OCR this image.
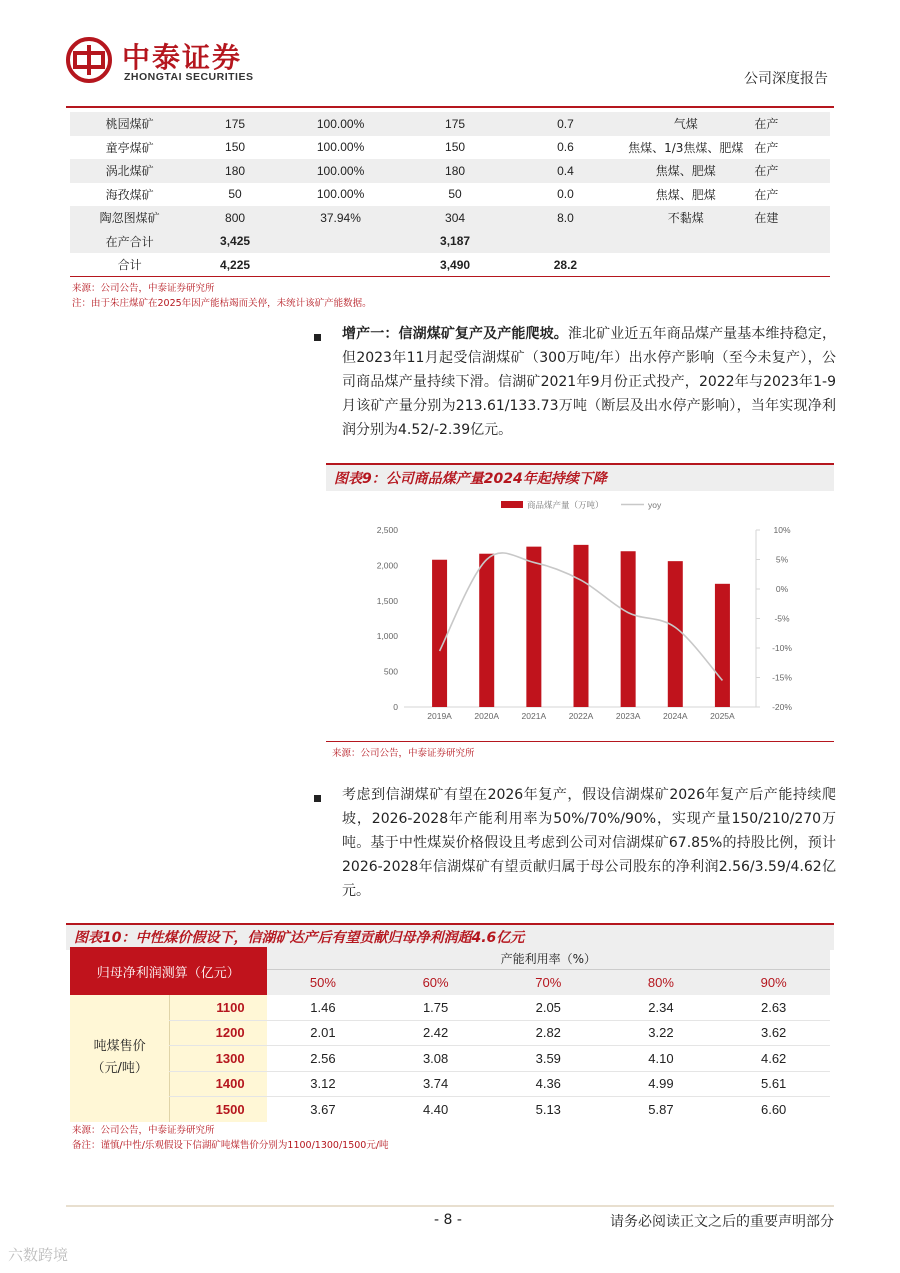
中泰证券
ZHONGTAI SECURITIES	公司深度报告
桃园煤矿	175	100.00%	175	0.7	气煤	在产
童亭煤矿	150	100.00%	150	0.6	焦煤、1/3焦煤、肥煤	在产
涡北煤矿	180	100.00%	180	0.4	焦煤、肥煤	在产
海孜煤矿	50	100.00%	50	0.0	焦煤、肥煤	在产
陶忽图煤矿	800	37.94%	304	8.0	不黏煤	在建
在产合计	3,425		3,187			
合计	4,225		3,490	28.2		
来源：公司公告，中泰证券研究所
注：由于朱庄煤矿在2025年因产能枯竭而关停，未统计该矿产能数据。
增产一：信湖煤矿复产及产能爬坡。淮北矿业近五年商品煤产量基本维持稳定，但2023年11月起受信湖煤矿（300万吨/年）出水停产影响（至今未复产），公司商品煤产量持续下滑。信湖矿2021年9月份正式投产，2022年与2023年1-9月该矿产量分别为213.61/133.73万吨（断层及出水停产影响），当年实现净利润分别为4.52/-2.39亿元。
图表9：公司商品煤产量2024年起持续下降
商品煤产量（万吨）	yoy
0
500
1,000
1,500
2,000
2,500
-20%
-15%
-10%
-5%
0%
5%
10%
2019A	2020A	2021A	2022A	2023A	2024A	2025A
来源：公司公告，中泰证券研究所
考虑到信湖煤矿有望在2026年复产，假设信湖煤矿2026年复产后产能持续爬坡，2026-2028年产能利用率为50%/70%/90%，实现产量150/210/270万吨。基于中性煤炭价格假设且考虑到公司对信湖煤矿67.85%的持股比例，预计2026-2028年信湖煤矿有望贡献归属于母公司股东的净利润2.56/3.59/4.62亿元。
图表10：中性煤价假设下，信湖矿达产后有望贡献归母净利润超4.6亿元
归母净利润测算（亿元）		产能利用率（%）				
		50%	60%	70%	80%	90%

吨煤售价
（元/吨）	1100	1.46	1.75	2.05	2.34	2.63
	1200	2.01	2.42	2.82	3.22	3.62
	1300	2.56	3.08	3.59	4.10	4.62
	1400	3.12	3.74	4.36	4.99	5.61
	1500	3.67	4.40	5.13	5.87	6.60
来源：公司公告，中泰证券研究所
备注：谨慎/中性/乐观假设下信湖矿吨煤售价分别为1100/1300/1500元/吨
- 8 -	请务必阅读正文之后的重要声明部分
六数跨境
